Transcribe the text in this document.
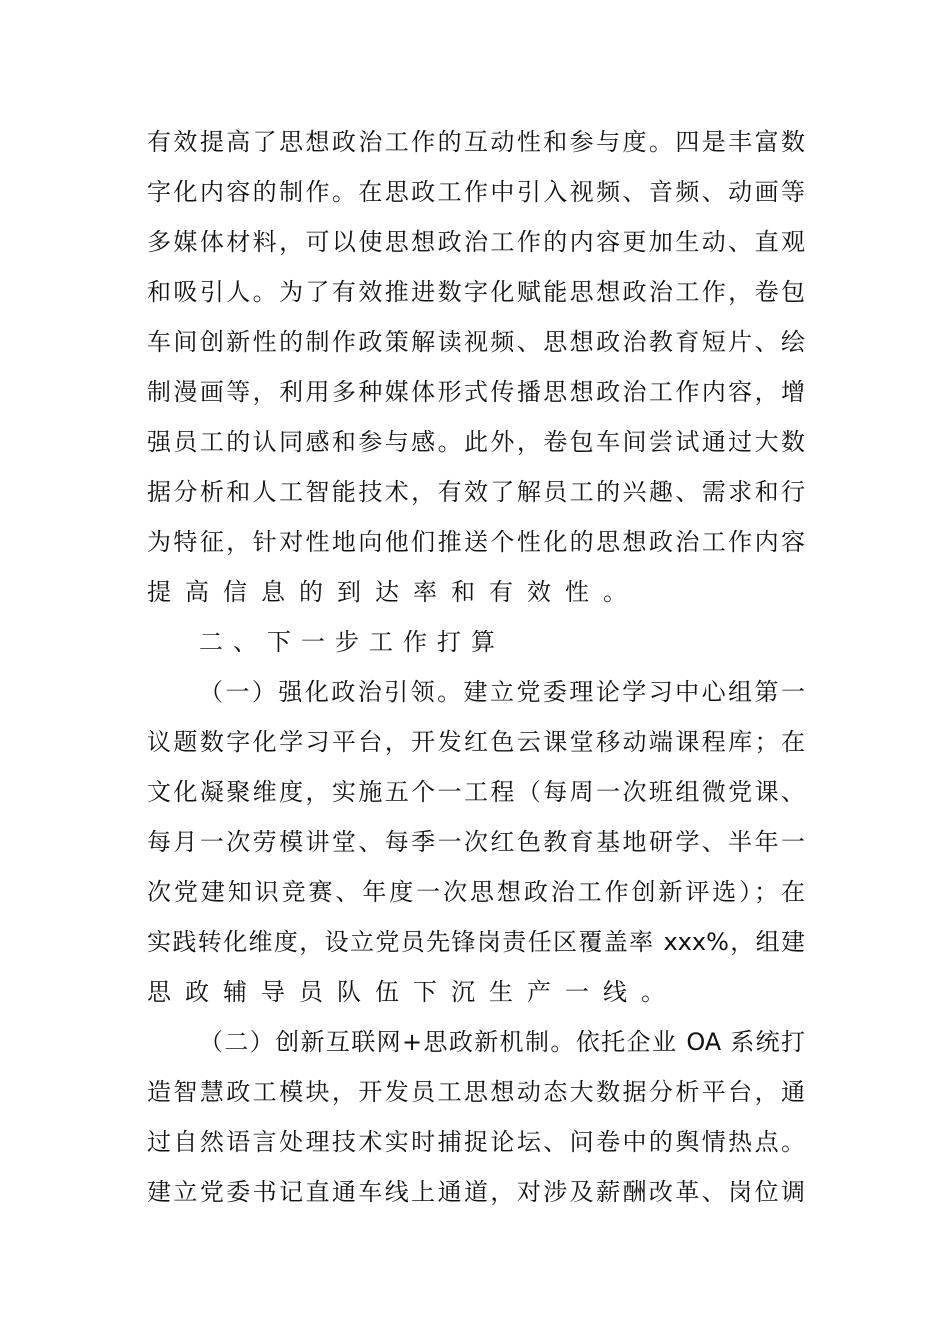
有效提高了思想政治工作的互动性和参与度。四是丰富数
字化内容的制作。在思政工作中引入视频、音频、动画等
多媒体材料，可以使思想政治工作的内容更加生动、直观
和吸引人。为了有效推进数字化赋能思想政治工作，卷包
车间创新性的制作政策解读视频、思想政治教育短片、绘
制漫画等，利用多种媒体形式传播思想政治工作内容，增
强员工的认同感和参与感。此外，卷包车间尝试通过大数
据分析和人工智能技术，有效了解员工的兴趣、需求和行
为特征，针对性地向他们推送个性化的思想政治工作内容
提高信息的到达率和有效性。
二、下一步工作打算
（一）强化政治引领。建立党委理论学习中心组第一
议题数字化学习平台，开发红色云课堂移动端课程库；在
文化凝聚维度，实施五个一工程（每周一次班组微党课、
每月一次劳模讲堂、每季一次红色教育基地研学、半年一
次党建知识竞赛、年度一次思想政治工作创新评选）；在
实践转化维度，设立党员先锋岗责任区覆盖率 xxx%，组建
思政辅导员队伍下沉生产一线。
（二）创新互联网+思政新机制。依托企业 OA 系统打
造智慧政工模块，开发员工思想动态大数据分析平台，通
过自然语言处理技术实时捕捉论坛、问卷中的舆情热点。
建立党委书记直通车线上通道，对涉及薪酬改革、岗位调
